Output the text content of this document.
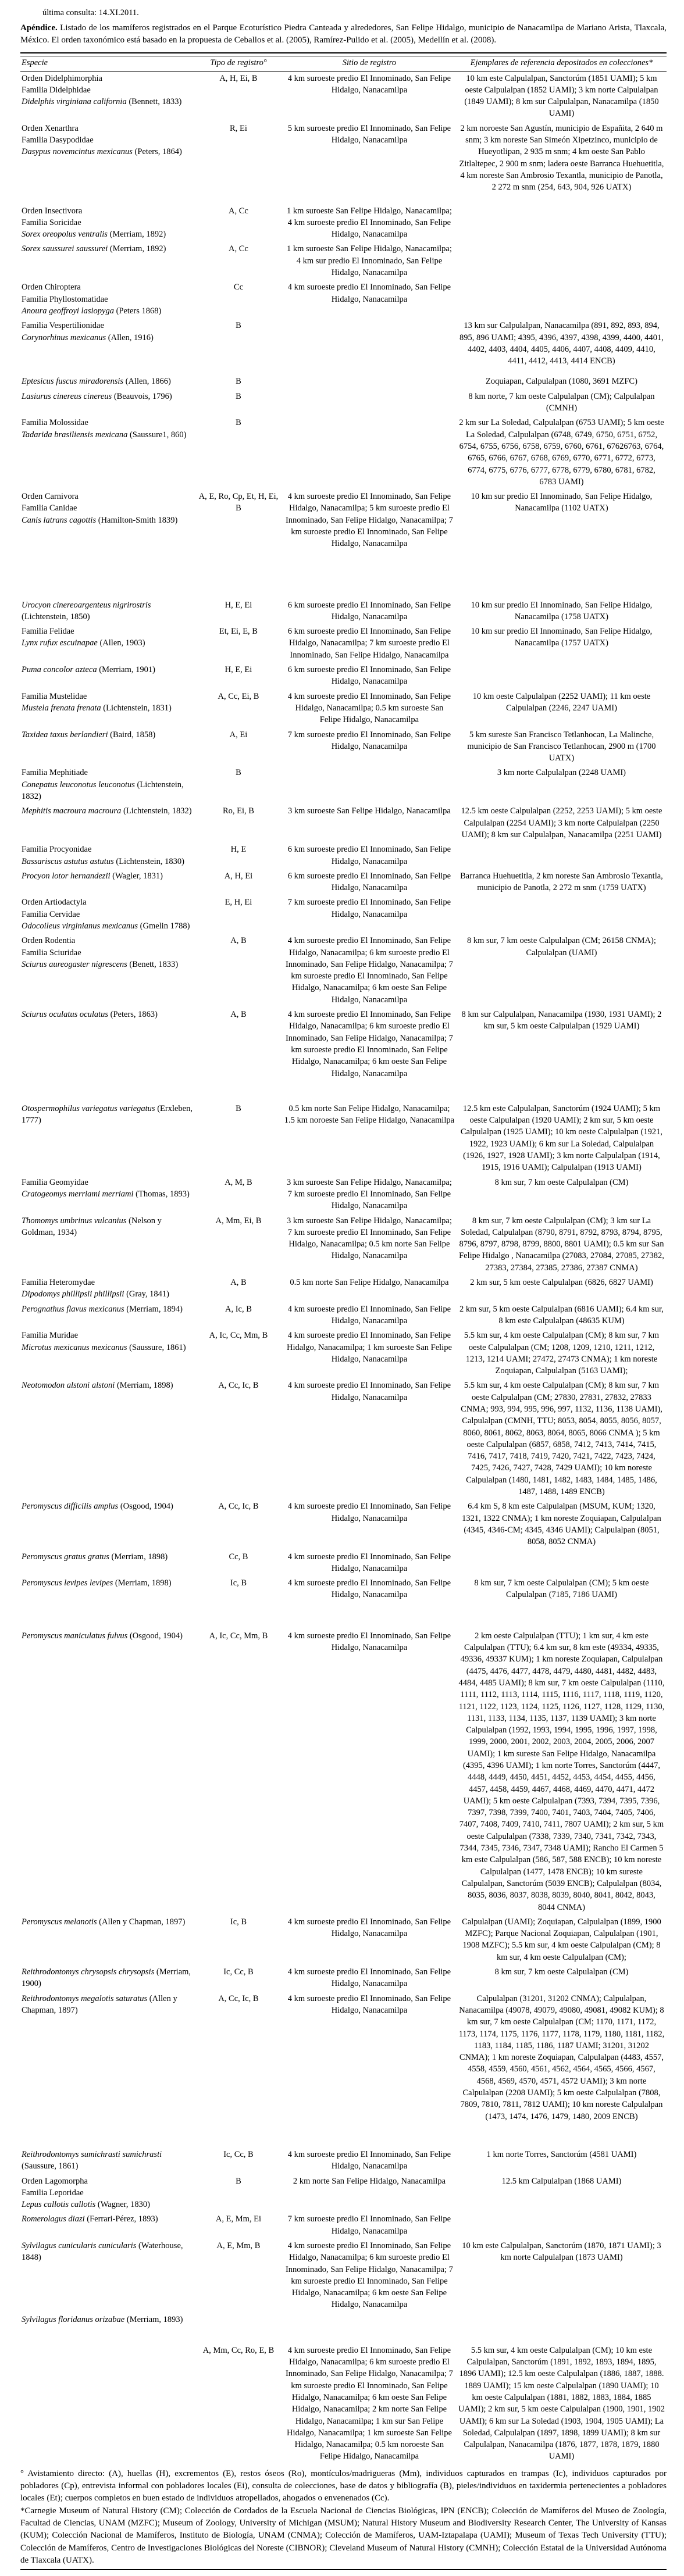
última consulta: 14.XI.2011.

Apéndice. Listado de los mamíferos registrados en el Parque Ecoturístico Piedra Canteada y alrededores, San Felipe Hidalgo, municipio de Nanacamilpa de Mariano Arista, Tlaxcala, México. El orden taxonómico está basado en la propuesta de Ceballos et al. (2005), Ramírez-Pulido et al. (2005), Medellín et al. (2008).

Especie	Tipo de registro°	Sitio de registro	Ejemplares de referencia depositados en colecciones*

Orden Didelphimorphia
Familia Didelphidae
Didelphis virginiana california (Bennett, 1833)	A, H, Ei, B	4 km suroeste predio El Innominado, San Felipe Hidalgo, Nanacamilpa	10 km este Calpulalpan, Sanctorúm (1851 UAMI); 5 km oeste Calpulalpan (1852 UAMI); 3 km norte Calpulalpan (1849 UAMI); 8 km sur Calpulalpan, Nanacamilpa (1850 UAMI)

Orden Xenarthra
Familia Dasypodidae
Dasypus novemcintus mexicanus (Peters, 1864)
	R, Ei	5 km suroeste predio El Innominado, San Felipe Hidalgo, Nanacamilpa	2 km noroeste San Agustín, municipio de Españita, 2 640 m snm; 3 km noreste San Simeón Xipetzinco, municipio de Hueyotlipan, 2 935 m snm; 4 km oeste San Pablo Zitlaltepec, 2 900 m snm; ladera oeste Barranca Huehuetitla, 4 km noreste San Ambrosio Texantla, municipio de Panotla, 2 272 m snm (254, 643, 904, 926 UATX)

Orden Insectivora
Familia Soricidae
Sorex oreopolus ventralis (Merriam, 1892)	A, Cc	1 km suroeste San Felipe Hidalgo, Nanacamilpa; 4 km suroeste predio El Innominado, San Felipe Hidalgo, Nanacamilpa	

Sorex saussurei saussurei (Merriam, 1892)	A, Cc	1 km suroeste San Felipe Hidalgo, Nanacamilpa; 4 km sur predio El Innominado, San Felipe Hidalgo, Nanacamilpa	

Orden Chiroptera
Familia Phyllostomatidae
Anoura geoffroyi lasiopyga (Peters 1868)	Cc	4 km suroeste predio El Innominado, San Felipe Hidalgo, Nanacamilpa	

Familia Vespertilionidae
Corynorhinus mexicanus (Allen, 1916)	B		13 km sur Calpulalpan, Nanacamilpa (891, 892, 893, 894, 895, 896 UAMI; 4395, 4396, 4397, 4398, 4399, 4400, 4401, 4402, 4403, 4404, 4405, 4406, 4407, 4408, 4409, 4410, 4411, 4412, 4413, 4414 ENCB)

Eptesicus fuscus miradorensis (Allen, 1866)	B		Zoquiapan, Calpulalpan (1080, 3691 MZFC)

Lasiurus cinereus cinereus (Beauvois, 1796)	B		8 km norte, 7 km oeste Calpulalpan (CM); Calpulalpan (CMNH)

Familia Molossidae
Tadarida brasiliensis mexicana (Saussure1, 860)	B		2 km sur La Soledad, Calpulalpan (6753 UAMI); 5 km oeste La Soledad, Calpulalpan (6748, 6749, 6750, 6751, 6752, 6754, 6755, 6756, 6758, 6759, 6760, 6761, 67626763, 6764, 6765, 6766, 6767, 6768, 6769, 6770, 6771, 6772, 6773, 6774, 6775, 6776, 6777, 6778, 6779, 6780, 6781, 6782, 6783 UAMI)

Orden Carnivora
Familia Canidae
Canis latrans cagottis (Hamilton-Smith 1839)
	A, E, Ro, Cp, Et, H, Ei, B	4 km suroeste predio El Innominado, San Felipe Hidalgo, Nanacamilpa; 5 km suroeste predio El Innominado, San Felipe Hidalgo, Nanacamilpa; 7 km suroeste predio El Innominado, San Felipe Hidalgo, Nanacamilpa	10 km sur predio El Innominado, San Felipe Hidalgo, Nanacamilpa (1102 UATX)

Urocyon cinereoargenteus nigrirostris (Lichtenstein, 1850)	H, E, Ei	6 km suroeste predio El Innominado, San Felipe Hidalgo, Nanacamilpa	10 km sur predio El Innominado, San Felipe Hidalgo, Nanacamilpa (1758 UATX)

Familia Felidae
Lynx rufux escuinapae (Allen, 1903)	Et, Ei, E, B	6 km suroeste predio El Innominado, San Felipe Hidalgo, Nanacamilpa; 7 km suroeste predio El Innominado, San Felipe Hidalgo, Nanacamilpa	10 km sur predio El Innominado, San Felipe Hidalgo, Nanacamilpa (1757 UATX)

Puma concolor azteca (Merriam, 1901)	H, E, Ei	6 km suroeste predio El Innominado, San Felipe Hidalgo, Nanacamilpa	

Familia Mustelidae
Mustela frenata frenata (Lichtenstein, 1831)	A, Cc, Ei, B	4 km suroeste predio El Innominado, San Felipe Hidalgo, Nanacamilpa; 0.5 km suroeste San Felipe Hidalgo, Nanacamilpa	10 km oeste Calpulalpan (2252 UAMI); 11 km oeste Calpulalpan (2246, 2247 UAMI)

Taxidea taxus berlandieri (Baird, 1858)	A, Ei	7 km suroeste predio El Innominado, San Felipe Hidalgo, Nanacamilpa	5 km sureste San Francisco Tetlanhocan, La Malinche, municipio de San Francisco Tetlanhocan, 2900 m (1700 UATX)

Familia Mephitiade
Conepatus leuconotus leuconotus (Lichtenstein, 1832)	B		3 km norte Calpulalpan (2248 UAMI)

Mephitis macroura macroura (Lichtenstein, 1832)	Ro, Ei, B	3 km suroeste San Felipe Hidalgo, Nanacamilpa	12.5 km oeste Calpulalpan (2252, 2253 UAMI); 5 km oeste Calpulalpan (2254 UAMI); 3 km norte Calpulalpan (2250 UAMI); 8 km sur Calpulalpan, Nanacamilpa (2251 UAMI)

Familia Procyonidae
Bassariscus astutus astutus (Lichtenstein, 1830)	H, E	6 km suroeste predio El Innominado, San Felipe Hidalgo, Nanacamilpa	

Procyon lotor hernandezii (Wagler, 1831)	A, H, Ei	6 km suroeste predio El Innominado, San Felipe Hidalgo, Nanacamilpa	Barranca Huehuetitla, 2 km noreste San Ambrosio Texantla, municipio de Panotla, 2 272 m snm (1759 UATX)

Orden Artiodactyla
Familia Cervidae
Odocoileus virginianus mexicanus (Gmelin 1788)	E, H, Ei	7 km suroeste predio El Innominado, San Felipe Hidalgo, Nanacamilpa	

Orden Rodentia
Familia Sciuridae
Sciurus aureogaster nigrescens (Benett, 1833)
	A, B	4 km suroeste predio El Innominado, San Felipe Hidalgo, Nanacamilpa; 6 km suroeste predio El Innominado, San Felipe Hidalgo, Nanacamilpa; 7 km suroeste predio El Innominado, San Felipe Hidalgo, Nanacamilpa; 6 km oeste San Felipe Hidalgo, Nanacamilpa	8 km sur, 7 km oeste Calpulalpan (CM; 26158 CNMA); Calpulalpan (UAMI)

Sciurus oculatus oculatus (Peters, 1863)	A, B	4 km suroeste predio El Innominado, San Felipe Hidalgo, Nanacamilpa; 6 km suroeste predio El Innominado, San Felipe Hidalgo, Nanacamilpa; 7 km suroeste predio El Innominado, San Felipe Hidalgo, Nanacamilpa; 6 km oeste San Felipe Hidalgo, Nanacamilpa	8 km sur Calpulalpan, Nanacamilpa (1930, 1931 UAMI); 2 km sur, 5 km oeste Calpulalpan (1929 UAMI)

Otospermophilus variegatus variegatus (Erxleben, 1777)	B	0.5 km norte San Felipe Hidalgo, Nanacamilpa; 1.5 km noroeste San Felipe Hidalgo, Nanacamilpa	12.5 km este Calpulalpan, Sanctorúm (1924 UAMI); 5 km oeste Calpulalpan (1920 UAMI); 2 km sur, 5 km oeste Calpulalpan (1925 UAMI); 10 km oeste Calpulalpan (1921, 1922, 1923 UAMI); 6 km sur La Soledad, Calpulalpan (1926, 1927, 1928 UAMI); 3 km norte Calpulalpan (1914, 1915, 1916 UAMI); Calpulalpan (1913 UAMI)

Familia Geomyidae
Cratogeomys merriami merriami (Thomas, 1893)	A, M, B	3 km suroeste San Felipe Hidalgo, Nanacamilpa; 7 km suroeste predio El Innominado, San Felipe Hidalgo, Nanacamilpa	8 km sur, 7 km oeste Calpulalpan (CM)

Thomomys umbrinus vulcanius (Nelson y Goldman, 1934)	A, Mm, Ei, B	3 km suroeste San Felipe Hidalgo, Nanacamilpa; 7 km suroeste predio El Innominado, San Felipe Hidalgo, Nanacamilpa; 0.5 km norte San Felipe Hidalgo, Nanacamilpa	8 km sur, 7 km oeste Calpulalpan (CM); 3 km sur La Soledad, Calpulalpan (8790, 8791, 8792, 8793, 8794, 8795, 8796, 8797, 8798, 8799, 8800, 8801 UAMI); 0.5 km sur San Felipe Hidalgo , Nanacamilpa (27083, 27084, 27085, 27382, 27383, 27384, 27385, 27386, 27387 CNMA)

Familia Heteromydae
Dipodomys phillipsii phillipsii (Gray, 1841)	A, B	0.5 km norte San Felipe Hidalgo, Nanacamilpa	2 km sur, 5 km oeste Calpulalpan (6826, 6827 UAMI)

Perognathus flavus mexicanus (Merriam, 1894)	A, Ic, B	4 km suroeste predio El Innominado, San Felipe Hidalgo, Nanacamilpa	2 km sur, 5 km oeste Calpulalpan (6816 UAMI); 6.4 km sur, 8 km este Calpulalpan (48635 KUM)

Familia Muridae
Microtus mexicanus mexicanus (Saussure, 1861)	A, Ic, Cc, Mm, B	4 km suroeste predio El Innominado, San Felipe Hidalgo, Nanacamilpa; 1 km suroeste San Felipe Hidalgo, Nanacamilpa	5.5 km sur, 4 km oeste Calpulalpan (CM); 8 km sur, 7 km oeste Calpulalpan (CM; 1208, 1209, 1210, 1211, 1212, 1213, 1214 UAMI; 27472, 27473 CNMA); 1 km noreste Zoquiapan, Calpulalpan (5163 UAMI);

Neotomodon alstoni alstoni (Merriam, 1898)	A, Cc, Ic, B	4 km suroeste predio El Innominado, San Felipe Hidalgo, Nanacamilpa	5.5 km sur, 4 km oeste Calpulalpan (CM); 8 km sur, 7 km oeste Calpulalpan (CM; 27830, 27831, 27832, 27833 CNMA; 993, 994, 995, 996, 997, 1132, 1136, 1138 UAMI), Calpulalpan (CMNH, TTU; 8053, 8054, 8055, 8056, 8057, 8060, 8061, 8062, 8063, 8064, 8065, 8066 CNMA ); 5 km oeste Calpulalpan (6857, 6858, 7412, 7413, 7414, 7415, 7416, 7417, 7418, 7419, 7420, 7421, 7422, 7423, 7424, 7425, 7426, 7427, 7428, 7429 UAMI); 10 km noreste Calpulalpan (1480, 1481, 1482, 1483, 1484, 1485, 1486, 1487, 1488, 1489 ENCB)

Peromyscus difficilis amplus (Osgood, 1904)	A, Cc, Ic, B	4 km suroeste predio El Innominado, San Felipe Hidalgo, Nanacamilpa	6.4 km S, 8 km este Calpulalpan (MSUM, KUM; 1320, 1321, 1322 CNMA); 1 km noreste Zoquiapan, Calpulalpan (4345, 4346-CM; 4345, 4346 UAMI); Calpulalpan (8051, 8058, 8052 CNMA)

Peromyscus gratus gratus (Merriam, 1898)	Cc, B	4 km suroeste predio El Innominado, San Felipe Hidalgo, Nanacamilpa	

Peromyscus levipes levipes (Merriam, 1898)	Ic, B	4 km suroeste predio El Innominado, San Felipe Hidalgo, Nanacamilpa	8 km sur, 7 km oeste Calpulalpan (CM); 5 km oeste Calpulalpan (7185, 7186 UAMI)

Peromyscus maniculatus fulvus (Osgood, 1904)	A, Ic, Cc, Mm, B	4 km suroeste predio El Innominado, San Felipe Hidalgo, Nanacamilpa	2 km oeste Calpulalpan (TTU); 1 km sur, 4 km este Calpulalpan (TTU); 6.4 km sur, 8 km este (49334, 49335, 49336, 49337 KUM); 1 km noreste Zoquiapan, Calpulalpan (4475, 4476, 4477, 4478, 4479, 4480, 4481, 4482, 4483, 4484, 4485 UAMI); 8 km sur, 7 km oeste Calpulalpan (1110, 1111, 1112, 1113, 1114, 1115, 1116, 1117, 1118, 1119, 1120, 1121, 1122, 1123, 1124, 1125, 1126, 1127, 1128, 1129, 1130, 1131, 1133, 1134, 1135, 1137, 1139 UAMI); 3 km norte Calpulalpan (1992, 1993, 1994, 1995, 1996, 1997, 1998, 1999, 2000, 2001, 2002, 2003, 2004, 2005, 2006, 2007 UAMI); 1 km sureste San Felipe Hidalgo, Nanacamilpa (4395, 4396 UAMI); 1 km norte Torres, Sanctorúm (4447, 4448, 4449, 4450, 4451, 4452, 4453, 4454, 4455, 4456, 4457, 4458, 4459, 4467, 4468, 4469, 4470, 4471, 4472 UAMI); 5 km oeste Calpulalpan (7393, 7394, 7395, 7396, 7397, 7398, 7399, 7400, 7401, 7403, 7404, 7405, 7406, 7407, 7408, 7409, 7410, 7411, 7807 UAMI); 2 km sur, 5 km oeste Calpulalpan (7338, 7339, 7340, 7341, 7342, 7343, 7344, 7345, 7346, 7347, 7348 UAMI); Rancho El Carmen 5 km este Calpulalpan (586, 587, 588 ENCB); 10 km noreste Calpulalpan (1477, 1478 ENCB); 10 km sureste Calpulalpan, Sanctorúm (5039 ENCB); Calpulalpan (8034, 8035, 8036, 8037, 8038, 8039, 8040, 8041, 8042, 8043, 8044 CNMA)

Peromyscus melanotis (Allen y Chapman, 1897)	Ic, B	4 km suroeste predio El Innominado, San Felipe Hidalgo, Nanacamilpa	Calpulalpan (UAMI); Zoquiapan, Calpulalpan (1899, 1900 MZFC); Parque Nacional Zoquiapan, Calpulalpan (1901, 1908 MZFC); 5.5 km sur, 4 km oeste Calpulalpan (CM); 8 km sur, 4 km oeste Calpulalpan (CM);

Reithrodontomys chrysopsis chrysopsis (Merriam, 1900)	Ic, Cc, B	4 km suroeste predio El Innominado, San Felipe Hidalgo, Nanacamilpa	8 km sur, 7 km oeste Calpulalpan (CM)

Reithrodontomys megalotis saturatus (Allen y Chapman, 1897)	A, Cc, Ic, B	4 km suroeste predio El Innominado, San Felipe Hidalgo, Nanacamilpa	Calpulalpan (31201, 31202 CNMA); Calpulalpan, Nanacamilpa (49078, 49079, 49080, 49081, 49082 KUM); 8 km sur, 7 km oeste Calpulalpan (CM; 1170, 1171, 1172, 1173, 1174, 1175, 1176, 1177, 1178, 1179, 1180, 1181, 1182, 1183, 1184, 1185, 1186, 1187 UAMI; 31201, 31202 CNMA); 1 km noreste Zoquiapan, Calpulalpan (4483, 4557, 4558, 4559, 4560, 4561, 4562, 4564, 4565, 4566, 4567, 4568, 4569, 4570, 4571, 4572 UAMI); 3 km norte Calpulalpan (2208 UAMI); 5 km oeste Calpulalpan (7808, 7809, 7810, 7811, 7812 UAMI); 10 km noreste Calpulalpan (1473, 1474, 1476, 1479, 1480, 2009 ENCB)

Reithrodontomys sumichrasti sumichrasti (Saussure, 1861)	Ic, Cc, B	4 km suroeste predio El Innominado, San Felipe Hidalgo, Nanacamilpa	1 km norte Torres, Sanctorúm (4581 UAMI)

Orden Lagomorpha
Familia Leporidae
Lepus callotis callotis (Wagner, 1830)	B	2 km norte San Felipe Hidalgo, Nanacamilpa	12.5 km Calpulalpan (1868 UAMI)

Romerolagus diazi (Ferrari-Pérez, 1893)	A, E, Mm, Ei	7 km suroeste predio El Innominado, San Felipe Hidalgo, Nanacamilpa	

Sylvilagus cunicularis cunicularis (Waterhouse, 1848)	A, E, Mm, B	4 km suroeste predio El Innominado, San Felipe Hidalgo, Nanacamilpa; 6 km suroeste predio El Innominado, San Felipe Hidalgo, Nanacamilpa; 7 km suroeste predio El Innominado, San Felipe Hidalgo, Nanacamilpa; 6 km oeste San Felipe Hidalgo, Nanacamilpa	10 km este Calpulalpan, Sanctorúm (1870, 1871 UAMI); 3 km norte Calpulalpan (1873 UAMI)

Sylvilagus floridanus orizabae (Merriam, 1893)
	A, Mm, Cc, Ro, E, B	4 km suroeste predio El Innominado, San Felipe Hidalgo, Nanacamilpa; 6 km suroeste predio El Innominado, San Felipe Hidalgo, Nanacamilpa; 7 km suroeste predio El Innominado, San Felipe Hidalgo, Nanacamilpa; 6 km oeste San Felipe Hidalgo, Nanacamilpa; 2 km norte San Felipe Hidalgo, Nanacamilpa; 1 km sur San Felipe Hidalgo, Nanacamilpa; 1 km suroeste San Felipe Hidalgo, Nanacamilpa; 0.5 km noroeste San Felipe Hidalgo, Nanacamilpa	5.5 km sur, 4 km oeste Calpulalpan (CM); 10 km este Calpulalpan, Sanctorúm (1891, 1892, 1893, 1894, 1895, 1896 UAMI); 12.5 km oeste Calpulalpan (1886, 1887, 1888. 1889 UAMI); 15 km oeste Calpulalpan (1890 UAMI); 10 km oeste Calpulalpan (1881, 1882, 1883, 1884, 1885 UAMI); 2 km sur, 5 km oeste Calpulalpan (1900, 1901, 1902 UAMI); 6 km sur La Soledad (1903, 1904, 1905 UAMI); La Soledad, Calpulalpan (1897, 1898, 1899 UAMI); 8 km sur Calpulalpan, Nanacamilpa (1876, 1877, 1878, 1879, 1880 UAMI)

° Avistamiento directo: (A), huellas (H), excrementos (E), restos óseos (Ro), montículos/madrigueras (Mm), individuos capturados en trampas (Ic), individuos capturados por pobladores (Cp), entrevista informal con pobladores locales (Ei), consulta de colecciones, base de datos y bibliografía (B), pieles/individuos en taxidermia pertenecientes a pobladores locales (Et); cuerpos completos en buen estado de individuos atropellados, ahogados o envenenados (Cc).

*Carnegie Museum of Natural History (CM); Colección de Cordados de la Escuela Nacional de Ciencias Biológicas, IPN (ENCB); Colección de Mamíferos del Museo de Zoología, Facultad de Ciencias, UNAM (MZFC); Museum of Zoology, University of Michigan (MSUM); Natural History Museum and Biodiversity Research Center, The University of Kansas (KUM); Colección Nacional de Mamíferos, Instituto de Biología, UNAM (CNMA); Colección de Mamíferos, UAM-Iztapalapa (UAMI); Museum of Texas Tech University (TTU); Colección de Mamíferos, Centro de Investigaciones Biológicas del Noreste (CIBNOR); Cleveland Museum of Natural History (CMNH); Colección Estatal de la Universidad Autónoma de Tlaxcala (UATX).
